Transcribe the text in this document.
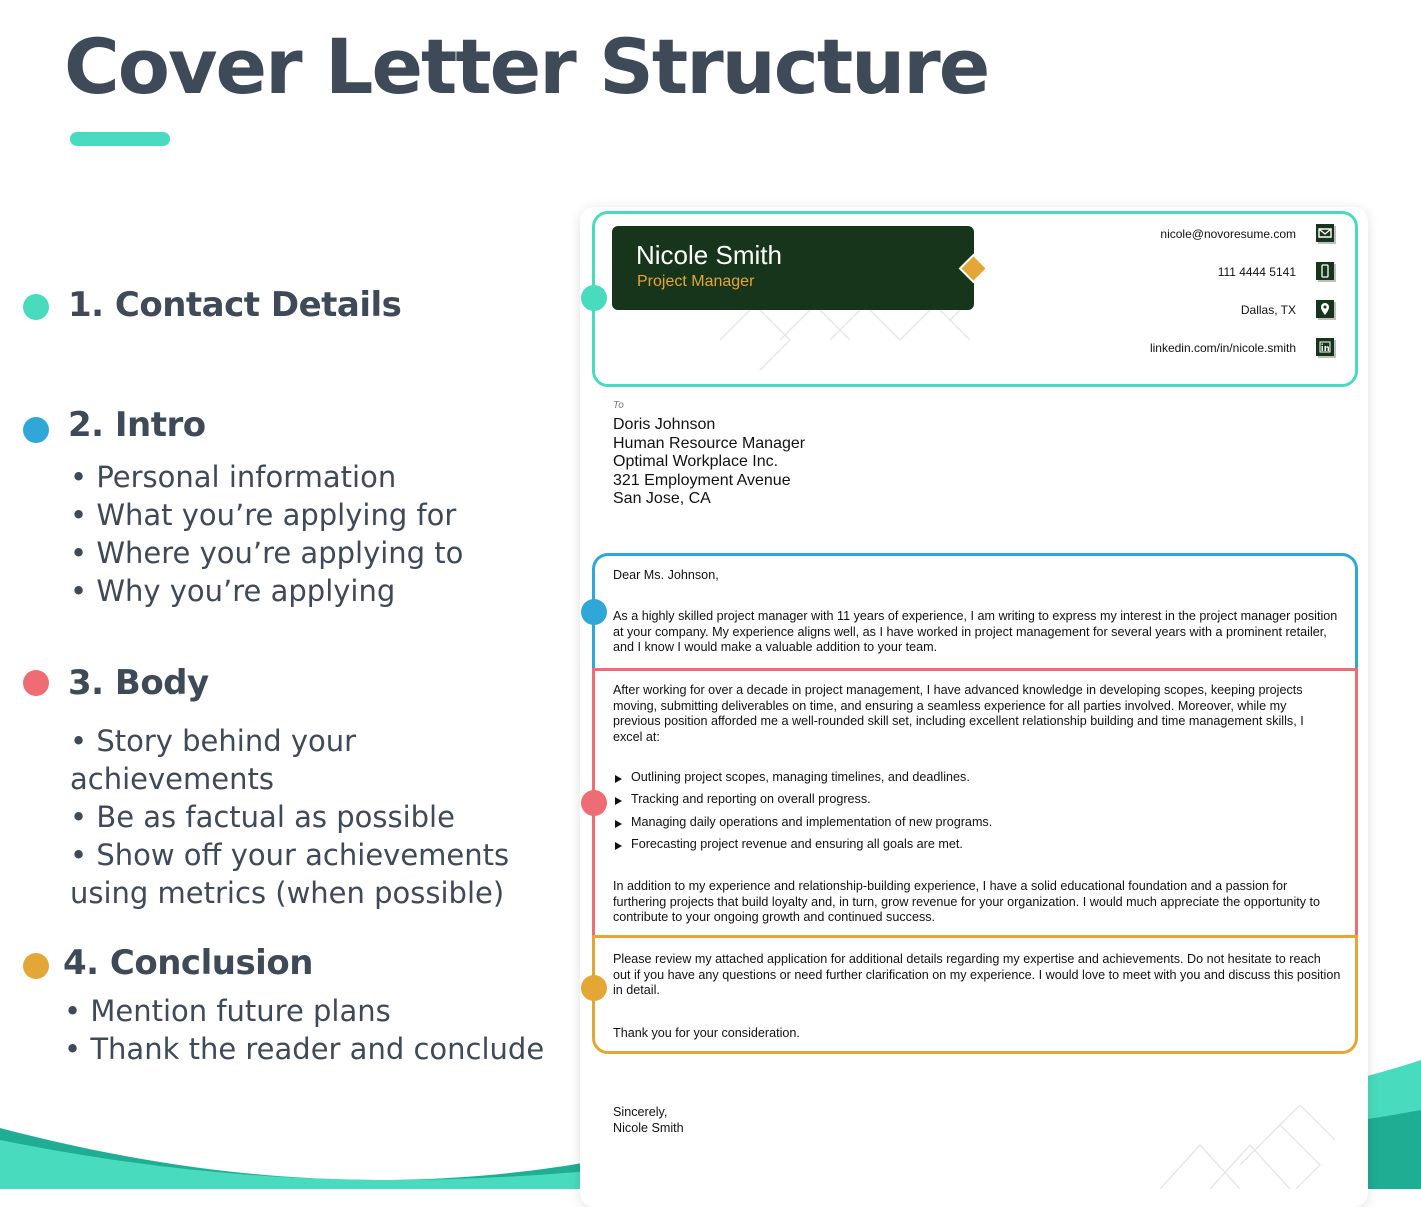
Cover Letter Structure
1. Contact Details
2. Intro
• Personal information
• What you’re applying for
• Where you’re applying to
• Why you’re applying
3. Body
• Story behind your achievements
• Be as factual as possible
• Show off your achievements using metrics (when possible)
4. Conclusion
• Mention future plans
• Thank the reader and conclude

Nicole Smith

Project Manager

nicole@novoresume.com
111 4444 5141
Dallas, TX
linkedin.com/in/nicole.smith
To
Doris Johnson
Human Resource Manager
Optimal Workplace Inc.
321 Employment Avenue
San Jose, CA

Dear Ms. Johnson,

As a highly skilled project manager with 11 years of experience, I am writing to express my interest in the project manager position at your company. My experience aligns well, as I have worked in project management for several years with a prominent retailer, and I know I would make a valuable addition to your team.

After working for over a decade in project management, I have advanced knowledge in developing scopes, keeping projects moving, submitting deliverables on time, and ensuring a seamless experience for all parties involved. Moreover, while my previous position afforded me a well-rounded skill set, including excellent relationship building and time management skills, I excel at:

Outlining project scopes, managing timelines, and deadlines.
Tracking and reporting on overall progress.
Managing daily operations and implementation of new programs.
Forecasting project revenue and ensuring all goals are met.

In addition to my experience and relationship-building experience, I have a solid educational foundation and a passion for furthering projects that build loyalty and, in turn, grow revenue for your organization. I would much appreciate the opportunity to contribute to your ongoing growth and continued success.

Please review my attached application for additional details regarding my expertise and achievements. Do not hesitate to reach out if you have any questions or need further clarification on my experience. I would love to meet with you and discuss this position in detail.

Thank you for your consideration.

Sincerely,

Nicole Smith
